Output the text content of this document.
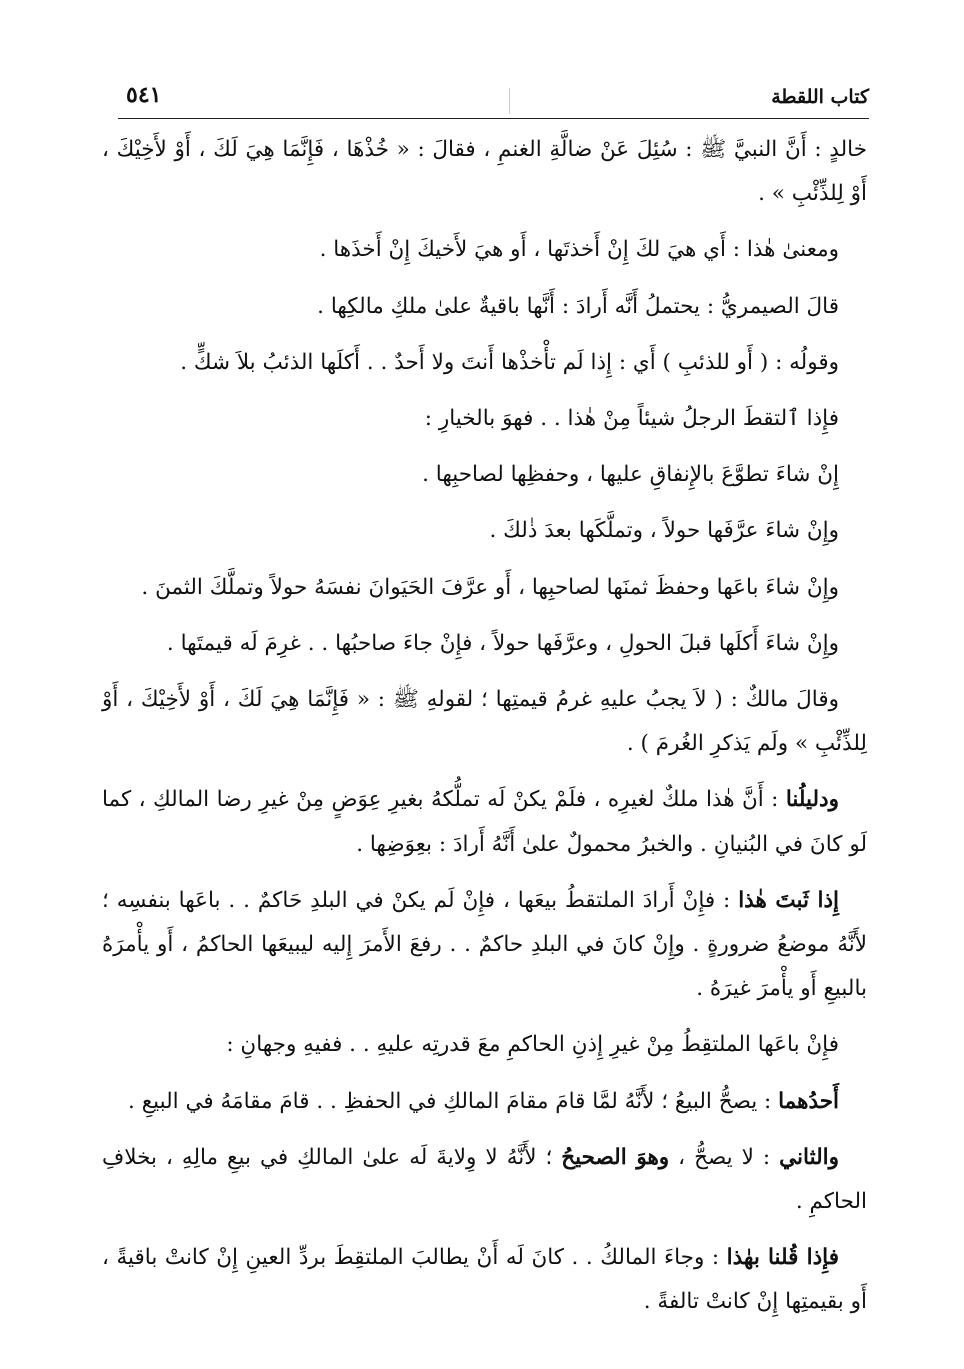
كتاب اللقطة
٥٤١

خالدٍ : أَنَّ النبيَّ ﷺ : سُئِلَ عَنْ ضالَّةِ الغنمِ ، فقالَ : « خُذْهَا ، فَإِنَّمَا هِيَ لَكَ ، أَوْ لأَخِيْكَ ، أَوْ لِلذِّئْبِ » .

ومعنىٰ هٰذا : أَي هيَ لكَ إِنْ أَخذتَها ، أَو هيَ لأَخيكَ إِنْ أَخذَها .

قالَ الصيمريُّ : يحتملُ أَنَّه أَرادَ : أَنَّها باقيةٌ علىٰ ملكِ مالكِها .

وقولُه : ( أَو للذئبِ ) أَي : إِذا لَم تأْخذْها أَنتَ ولا أَحدٌ . . أَكلَها الذئبُ بلاَ شكٍّ .

فإِذا ٱلتقطَ الرجلُ شيئاً مِنْ هٰذا . . فهوَ بالخيارِ :

إِنْ شاءَ تطوَّعَ بالإِنفاقِ عليها ، وحفظِها لصاحبِها .

وإِنْ شاءَ عرَّفَها حولاً ، وتملَّكَها بعدَ ذٰلكَ .

وإِنْ شاءَ باعَها وحفظَ ثمنَها لصاحبِها ، أَو عرَّفَ الحَيَوانَ نفسَهُ حولاً وتملَّكَ الثمنَ .

وإِنْ شاءَ أَكلَها قبلَ الحولِ ، وعرَّفَها حولاً ، فإِنْ جاءَ صاحبُها . . غرِمَ لَه قيمتَها .

وقالَ مالكٌ : ( لاَ يجبُ عليهِ غرمُ قيمتِها ؛ لقولهِ ﷺ : « فَإِنَّمَا هِيَ لَكَ ، أَوْ لأَخِيْكَ ، أَوْ لِلذِّئْبِ » ولَم يَذكرِ الغُرمَ ) .

ودليلُنا : أَنَّ هٰذا ملكٌ لغيرِه ، فلَمْ يكنْ لَه تملُّكهُ بغيرِ عِوَضٍ مِنْ غيرِ رضا المالكِ ، كما لَو كانَ في البُنيانِ . والخبرُ محمولٌ علىٰ أَنَّهُ أَرادَ : بعِوَضِها .

إِذا ثَبتَ هٰذا : فإِنْ أَرادَ الملتقطُ بيعَها ، فإِنْ لَم يكنْ في البلدِ حَاكمٌ . . باعَها بنفسِه ؛ لأَنَّهُ موضعُ ضرورةٍ . وإِنْ كانَ في البلدِ حاكمٌ . . رفعَ الأَمرَ إِليه ليبيعَها الحاكمُ ، أَو يأْمرَهُ بالبيعِ أَو يأْمرَ غيرَهُ .

فإِنْ باعَها الملتقِطُ مِنْ غيرِ إِذنِ الحاكمِ معَ قدرتِه عليهِ . . ففيهِ وجهانِ :

أَحدُهما : يصحُّ البيعُ ؛ لأَنَّهُ لمَّا قامَ مقامَ المالكِ في الحفظِ . . قامَ مقامَهُ في البيعِ .

والثاني : لا يصحُّ ، وهوَ الصحيحُ ؛ لأَنَّهُ لا وِلايةَ لَه علىٰ المالكِ في بيعِ مالِهِ ، بخلافِ الحاكمِ .

فإِذا قُلنا بهٰذا : وجاءَ المالكُ . . كانَ لَه أَنْ يطالبَ الملتقِطَ بردِّ العينِ إِنْ كانتْ باقيةً ، أَو بقيمتِها إِنْ كانتْ تالفةً .
